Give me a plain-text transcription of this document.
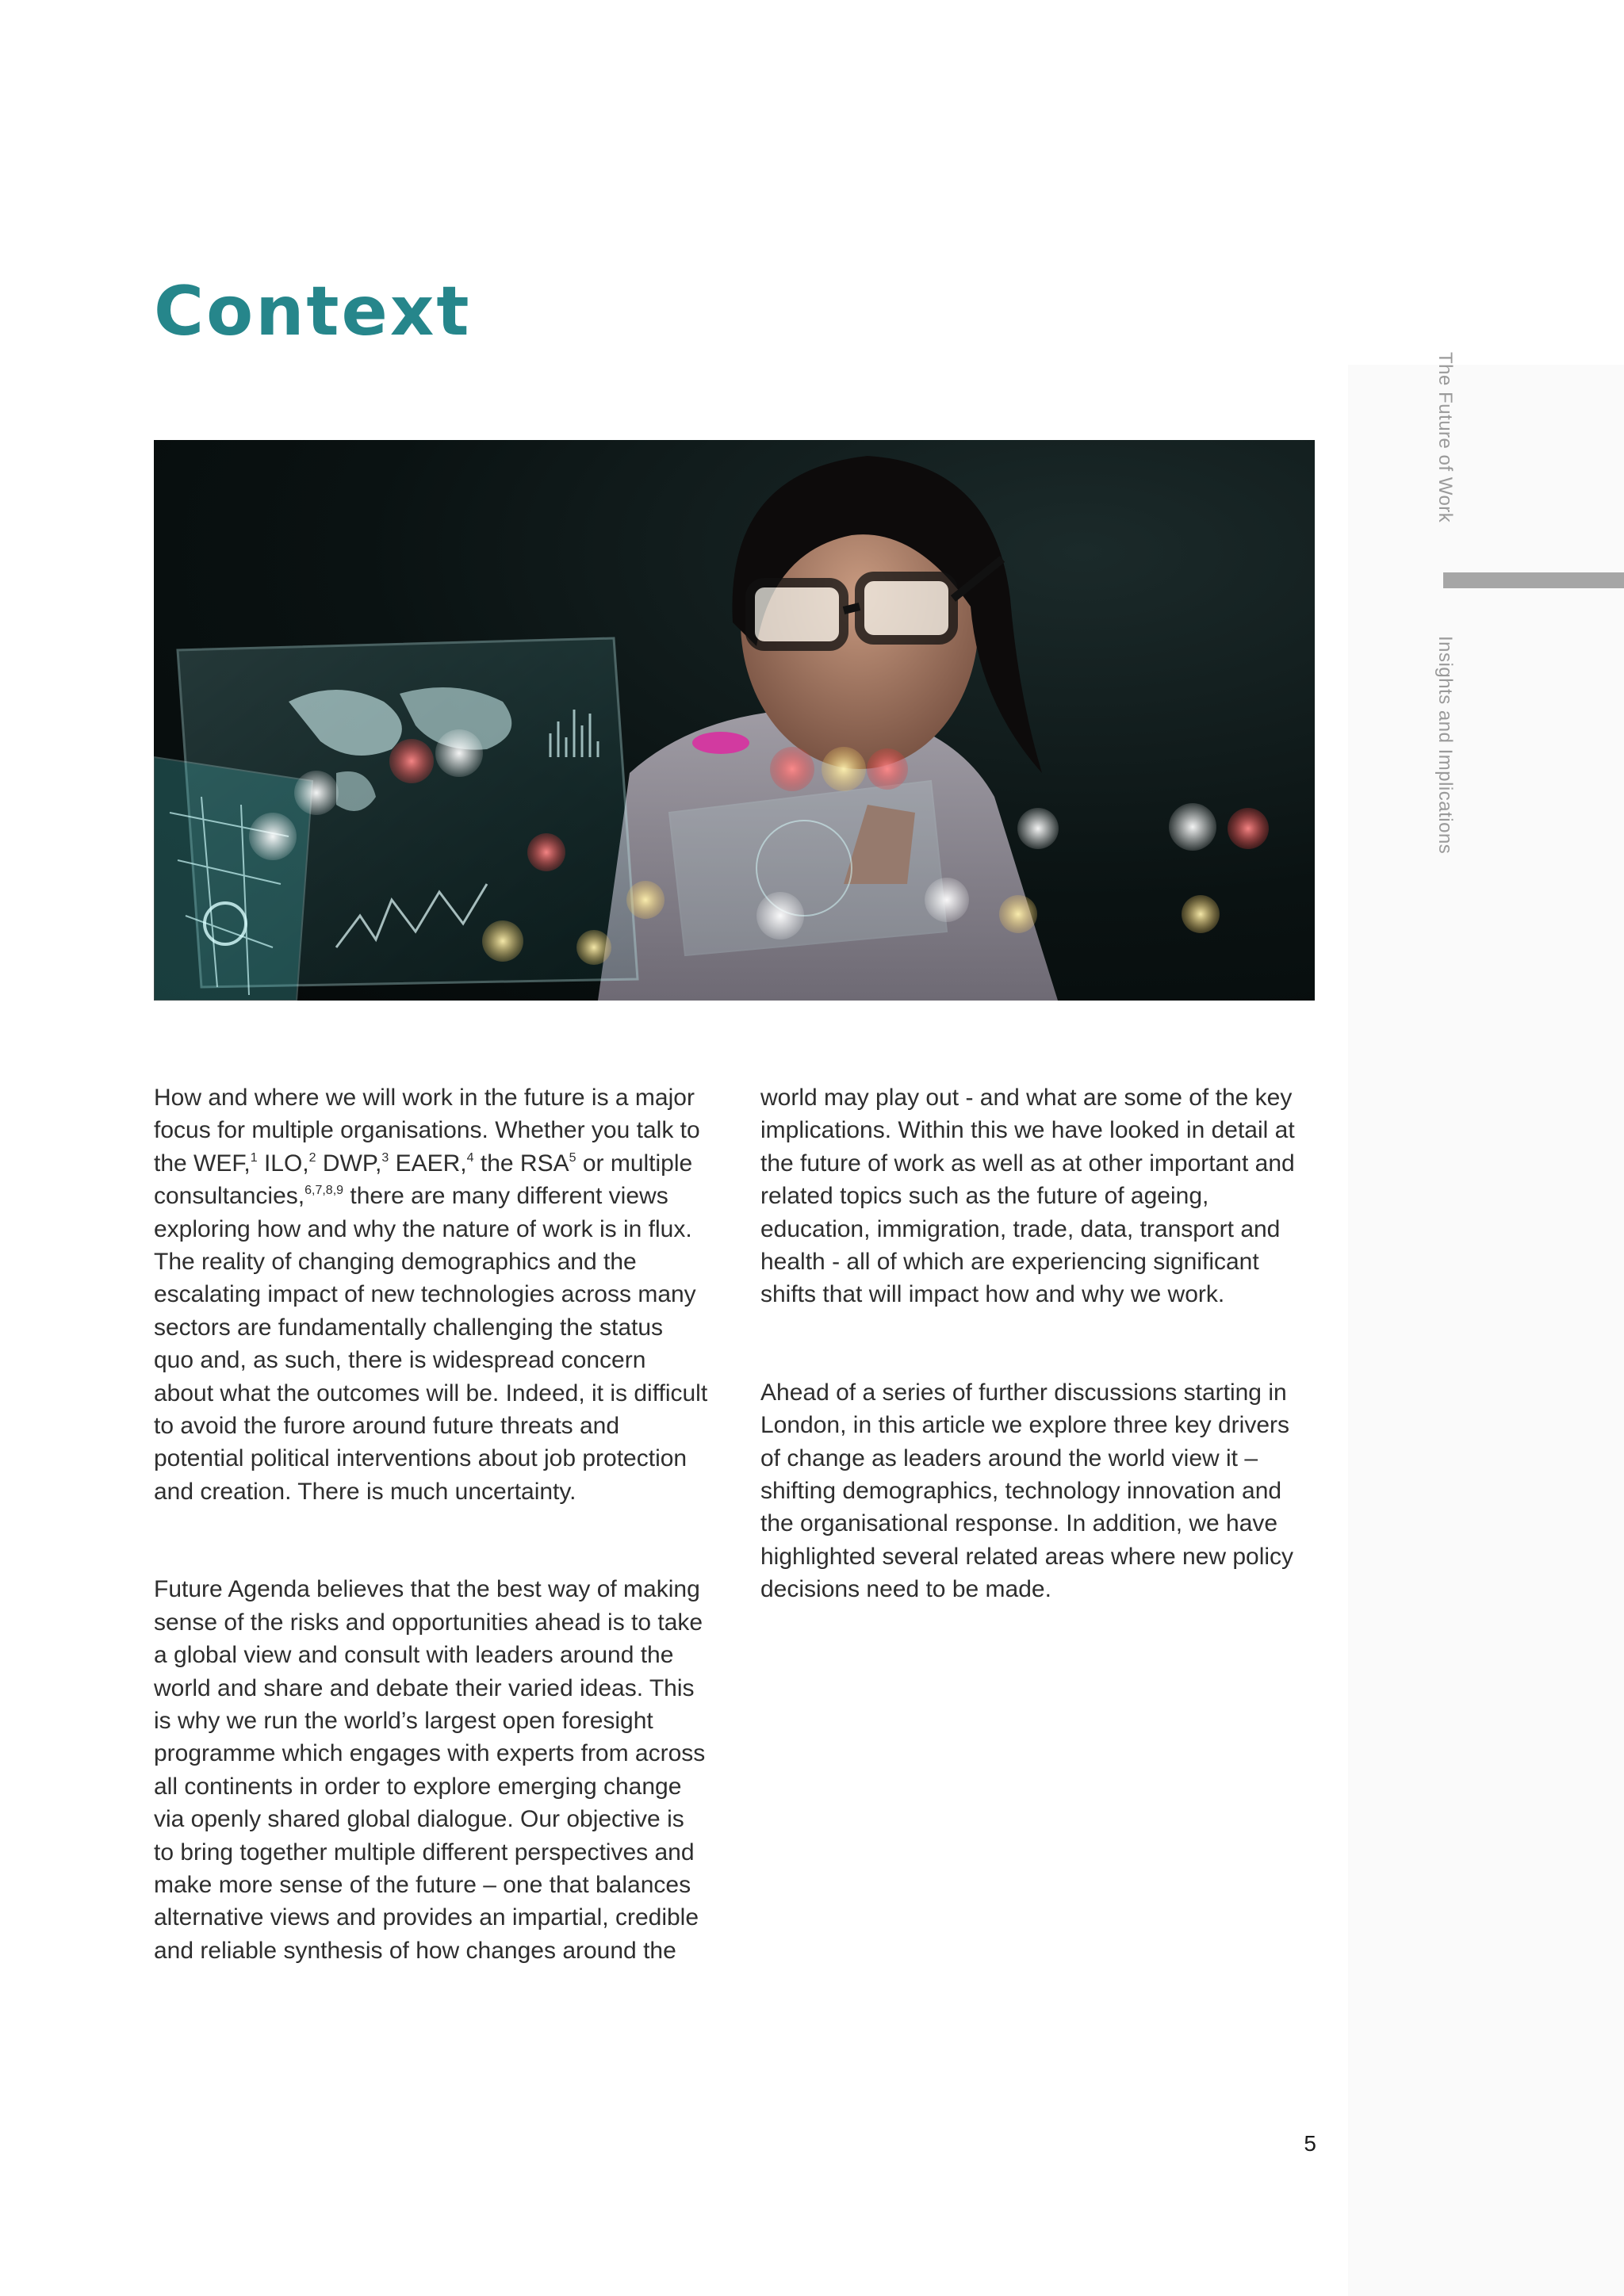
Context

How and where we will work in the future is a major focus for multiple organisations. Whether you talk to the WEF,$^1$ ILO,$^2$ DWP,$^3$ EAER,$^4$ the RSA$^5$ or multiple consultancies,$^{6,7,8,9}$ there are many different views exploring how and why the nature of work is in flux. The reality of changing demographics and the escalating impact of new technologies across many sectors are fundamentally challenging the status quo and, as such, there is widespread concern about what the outcomes will be. Indeed, it is difficult to avoid the furore around future threats and potential political interventions about job protection and creation. There is much uncertainty.

Future Agenda believes that the best way of making sense of the risks and opportunities ahead is to take a global view and consult with leaders around the world and share and debate their varied ideas. This is why we run the world’s largest open foresight programme which engages with experts from across all continents in order to explore emerging change via openly shared global dialogue. Our objective is to bring together multiple different perspectives and make more sense of the future – one that balances alternative views and provides an impartial, credible and reliable synthesis of how changes around the

world may play out - and what are some of the key implications. Within this we have looked in detail at the future of work as well as at other important and related topics such as the future of ageing, education, immigration, trade, data, transport and health - all of which are experiencing significant shifts that will impact how and why we work.

Ahead of a series of further discussions starting in London, in this article we explore three key drivers of change as leaders around the world view it – shifting demographics, technology innovation and the organisational response. In addition, we have highlighted several related areas where new policy decisions need to be made.

The Future of Work
Insights and Implications
5
